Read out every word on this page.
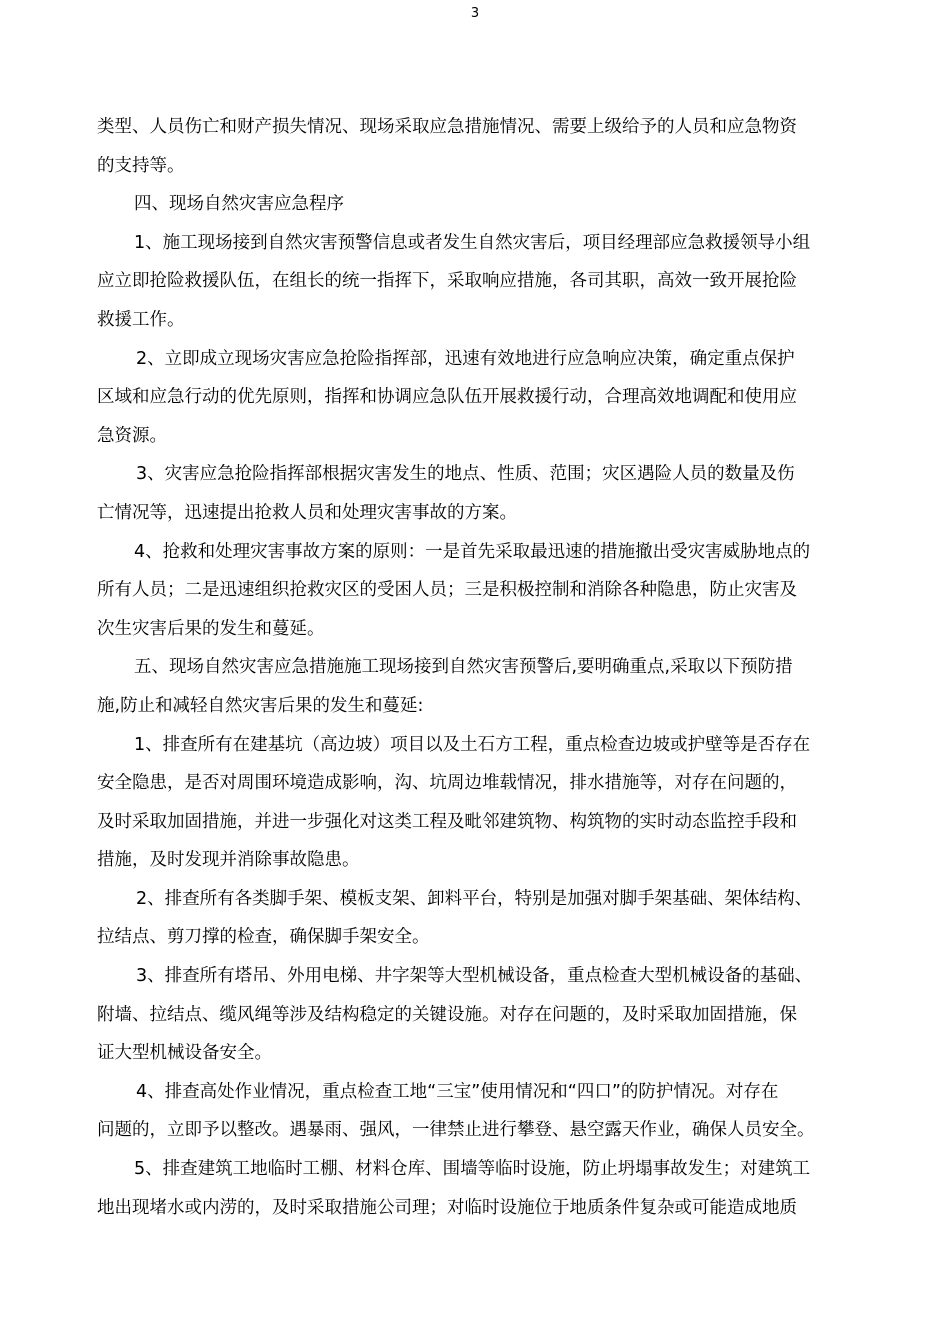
3

类型、人员伤亡和财产损失情况、现场采取应急措施情况、需要上级给予的人员和应急物资
的支持等。

四、现场自然灾害应急程序

1、施工现场接到自然灾害预警信息或者发生自然灾害后，项目经理部应急救援领导小组
应立即抢险救援队伍，在组长的统一指挥下，采取响应措施，各司其职，高效一致开展抢险
救援工作。

2、立即成立现场灾害应急抢险指挥部，迅速有效地进行应急响应决策，确定重点保护
区域和应急行动的优先原则，指挥和协调应急队伍开展救援行动，合理高效地调配和使用应
急资源。

3、灾害应急抢险指挥部根据灾害发生的地点、性质、范围；灾区遇险人员的数量及伤
亡情况等，迅速提出抢救人员和处理灾害事故的方案。

4、抢救和处理灾害事故方案的原则：一是首先采取最迅速的措施撤出受灾害威胁地点的
所有人员；二是迅速组织抢救灾区的受困人员；三是积极控制和消除各种隐患，防止灾害及
次生灾害后果的发生和蔓延。

五、现场自然灾害应急措施施工现场接到自然灾害预警后,要明确重点,采取以下预防措
施,防止和减轻自然灾害后果的发生和蔓延:

1、排查所有在建基坑（高边坡）项目以及土石方工程，重点检查边坡或护壁等是否存在
安全隐患，是否对周围环境造成影响，沟、坑周边堆载情况，排水措施等，对存在问题的，
及时采取加固措施，并进一步强化对这类工程及毗邻建筑物、构筑物的实时动态监控手段和
措施，及时发现并消除事故隐患。

2、排查所有各类脚手架、模板支架、卸料平台，特别是加强对脚手架基础、架体结构、
拉结点、剪刀撑的检查，确保脚手架安全。

3、排查所有塔吊、外用电梯、井字架等大型机械设备，重点检查大型机械设备的基础、
附墙、拉结点、缆风绳等涉及结构稳定的关键设施。对存在问题的，及时采取加固措施，保
证大型机械设备安全。

4、排查高处作业情况，重点检查工地“三宝”使用情况和“四口”的防护情况。对存在
问题的，立即予以整改。遇暴雨、强风，一律禁止进行攀登、悬空露天作业，确保人员安全。

5、排查建筑工地临时工棚、材料仓库、围墙等临时设施，防止坍塌事故发生；对建筑工
地出现堵水或内涝的，及时采取措施公司理；对临时设施位于地质条件复杂或可能造成地质
